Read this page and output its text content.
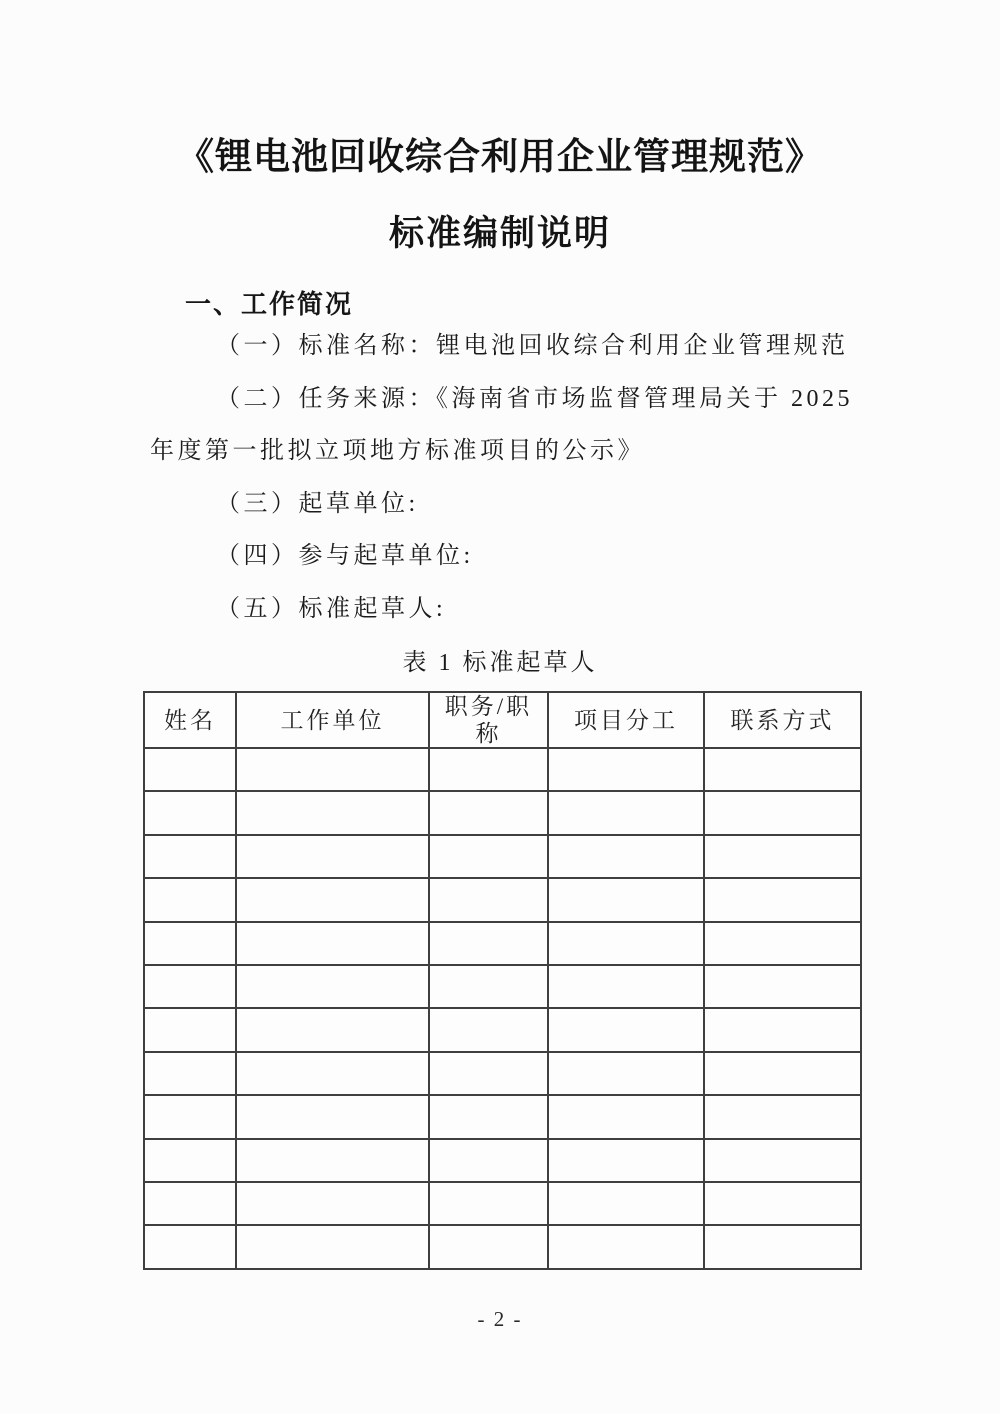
《锂电池回收综合利用企业管理规范》
标准编制说明
一、工作简况
（一）标准名称：锂电池回收综合利用企业管理规范
（二）任务来源：《海南省市场监督管理局关于 2025
年度第一批拟立项地方标准项目的公示》
（三）起草单位:
（四）参与起草单位:
（五）标准起草人:
表 1 标准起草人
姓名	工作单位	职务/职称	项目分工	联系方式

- 2 -
